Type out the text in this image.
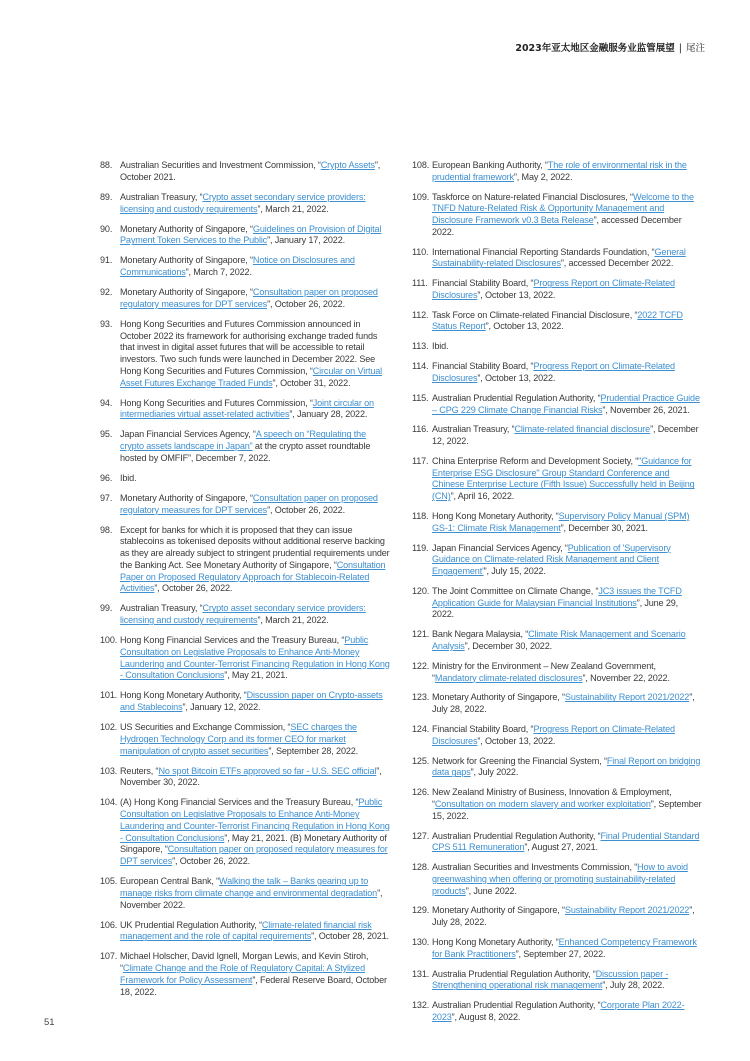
2023年亚太地区金融服务业监管展望 | 尾注
88. Australian Securities and Investment Commission, “Crypto Assets”, October 2021.
89. Australian Treasury, “Crypto asset secondary service providers: licensing and custody requirements”, March 21, 2022.
90. Monetary Authority of Singapore, “Guidelines on Provision of Digital Payment Token Services to the Public”, January 17, 2022.
91. Monetary Authority of Singapore, “Notice on Disclosures and Communications”, March 7, 2022.
92. Monetary Authority of Singapore, “Consultation paper on proposed regulatory measures for DPT services”, October 26, 2022.
93. Hong Kong Securities and Futures Commission announced in October 2022 its framework for authorising exchange traded funds that invest in digital asset futures that will be accessible to retail investors. Two such funds were launched in December 2022. See Hong Kong Securities and Futures Commission, “Circular on Virtual Asset Futures Exchange Traded Funds”, October 31, 2022.
94. Hong Kong Securities and Futures Commission, “Joint circular on intermediaries virtual asset-related activities”, January 28, 2022.
95. Japan Financial Services Agency, “A speech on “Regulating the crypto assets landscape in Japan” at the crypto asset roundtable hosted by OMFIF”, December 7, 2022.
96. Ibid.
97. Monetary Authority of Singapore, “Consultation paper on proposed regulatory measures for DPT services”, October 26, 2022.
98. Except for banks for which it is proposed that they can issue stablecoins as tokenised deposits without additional reserve backing as they are already subject to stringent prudential requirements under the Banking Act. See Monetary Authority of Singapore, “Consultation Paper on Proposed Regulatory Approach for Stablecoin-Related Activities”, October 26, 2022.
99. Australian Treasury, “Crypto asset secondary service providers: licensing and custody requirements”, March 21, 2022.
100. Hong Kong Financial Services and the Treasury Bureau, “Public Consultation on Legislative Proposals to Enhance Anti-Money Laundering and Counter-Terrorist Financing Regulation in Hong Kong - Consultation Conclusions”, May 21, 2021.
101. Hong Kong Monetary Authority, “Discussion paper on Crypto-assets and Stablecoins”, January 12, 2022.
102. US Securities and Exchange Commission, “SEC charges the Hydrogen Technology Corp and its former CEO for market manipulation of crypto asset securities”, September 28, 2022.
103. Reuters, “No spot Bitcoin ETFs approved so far - U.S. SEC official”, November 30, 2022.
104. (A) Hong Kong Financial Services and the Treasury Bureau, “Public Consultation on Legislative Proposals to Enhance Anti-Money Laundering and Counter-Terrorist Financing Regulation in Hong Kong - Consultation Conclusions”, May 21, 2021. (B) Monetary Authority of Singapore, “Consultation paper on proposed regulatory measures for DPT services”, October 26, 2022.
105. European Central Bank, “Walking the talk – Banks gearing up to manage risks from climate change and environmental degradation”, November 2022.
106. UK Prudential Regulation Authority, “Climate-related financial risk management and the role of capital requirements”, October 28, 2021.
107. Michael Holscher, David Ignell, Morgan Lewis, and Kevin Stiroh, “Climate Change and the Role of Regulatory Capital: A Stylized Framework for Policy Assessment”, Federal Reserve Board, October 18, 2022.
108. European Banking Authority, “The role of environmental risk in the prudential framework”, May 2, 2022.
109. Taskforce on Nature-related Financial Disclosures, “Welcome to the TNFD Nature-Related Risk & Opportunity Management and Disclosure Framework v0.3 Beta Release”, accessed December 2022.
110. International Financial Reporting Standards Foundation, “General Sustainability-related Disclosures”, accessed December 2022.
111. Financial Stability Board, “Progress Report on Climate-Related Disclosures”, October 13, 2022.
112. Task Force on Climate-related Financial Disclosure, “2022 TCFD Status Report”, October 13, 2022.
113. Ibid.
114. Financial Stability Board, “Progress Report on Climate-Related Disclosures”, October 13, 2022.
115. Australian Prudential Regulation Authority, “Prudential Practice Guide – CPG 229 Climate Change Financial Risks”, November 26, 2021.
116. Australian Treasury, “Climate-related financial disclosure”, December 12, 2022.
117. China Enterprise Reform and Development Society, “"Guidance for Enterprise ESG Disclosure" Group Standard Conference and Chinese Enterprise Lecture (Fifth Issue) Successfully held in Beijing (CN)”, April 16, 2022.
118. Hong Kong Monetary Authority, “Supervisory Policy Manual (SPM) GS-1: Climate Risk Management”, December 30, 2021.
119. Japan Financial Services Agency, “Publication of 'Supervisory Guidance on Climate-related Risk Management and Client Engagement'”, July 15, 2022.
120. The Joint Committee on Climate Change, “JC3 issues the TCFD Application Guide for Malaysian Financial Institutions”, June 29, 2022.
121. Bank Negara Malaysia, “Climate Risk Management and Scenario Analysis”, December 30, 2022.
122. Ministry for the Environment – New Zealand Government, “Mandatory climate-related disclosures”, November 22, 2022.
123. Monetary Authority of Singapore, “Sustainability Report 2021/2022”, July 28, 2022.
124. Financial Stability Board, “Progress Report on Climate-Related Disclosures”, October 13, 2022.
125. Network for Greening the Financial System, “Final Report on bridging data gaps”, July 2022.
126. New Zealand Ministry of Business, Innovation & Employment, “Consultation on modern slavery and worker exploitation”, September 15, 2022.
127. Australian Prudential Regulation Authority, “Final Prudential Standard CPS 511 Remuneration”, August 27, 2021.
128. Australian Securities and Investments Commission, “How to avoid greenwashing when offering or promoting sustainability-related products”, June 2022.
129. Monetary Authority of Singapore, “Sustainability Report 2021/2022”, July 28, 2022.
130. Hong Kong Monetary Authority, “Enhanced Competency Framework for Bank Practitioners”, September 27, 2022.
131. Australia Prudential Regulation Authority, “Discussion paper - Strengthening operational risk management”, July 28, 2022.
132. Australian Prudential Regulation Authority, “Corporate Plan 2022-2023”, August 8, 2022.
51
